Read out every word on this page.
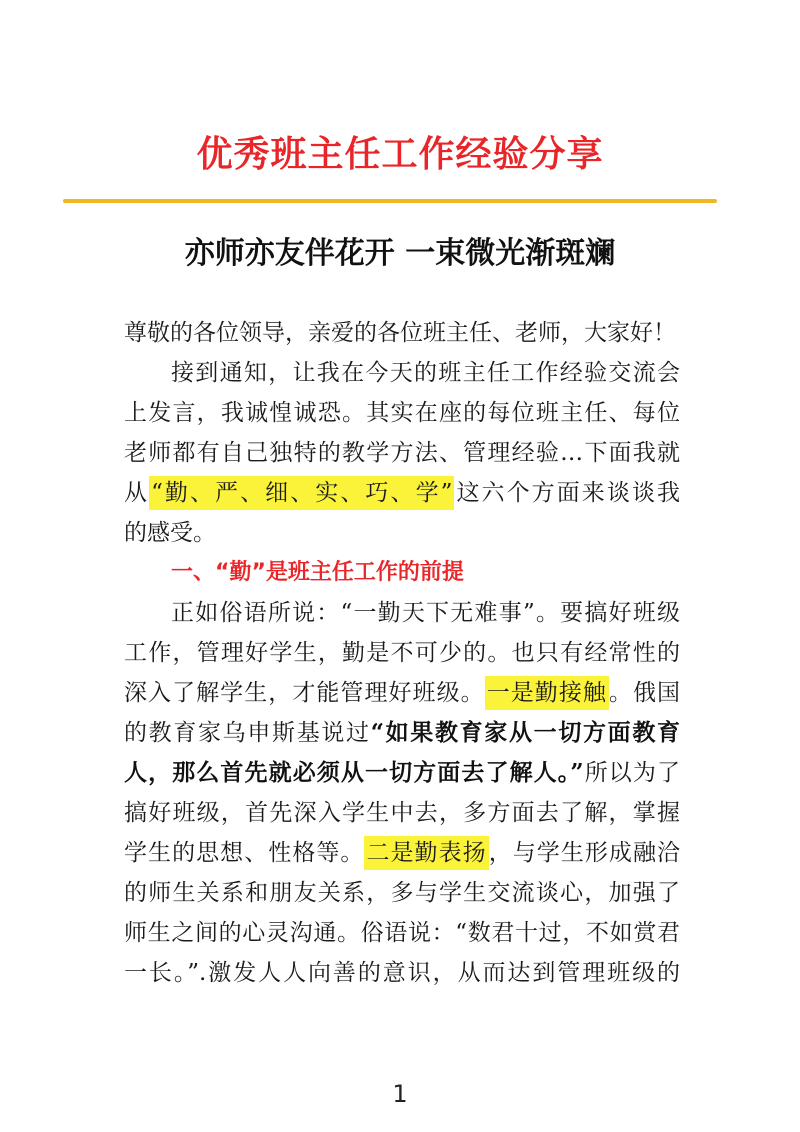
优秀班主任工作经验分享
亦师亦友伴花开 一束微光渐斑斓
尊敬的各位领导，亲爱的各位班主任、老师，大家好！
接到通知，让我在今天的班主任工作经验交流会
上发言，我诚惶诚恐。其实在座的每位班主任、每位
老师都有自己独特的教学方法、管理经验…下面我就
从“勤、严、细、实、巧、学”这六个方面来谈谈我
的感受。
一、“勤”是班主任工作的前提
正如俗语所说：“一勤天下无难事”。要搞好班级
工作，管理好学生，勤是不可少的。也只有经常性的
深入了解学生，才能管理好班级。一是勤接触。俄国
的教育家乌申斯基说过“如果教育家从一切方面教育
人，那么首先就必须从一切方面去了解人。”所以为了
搞好班级，首先深入学生中去，多方面去了解，掌握
学生的思想、性格等。二是勤表扬，与学生形成融洽
的师生关系和朋友关系，多与学生交流谈心，加强了
师生之间的心灵沟通。俗语说：“数君十过，不如赏君
一长。”.激发人人向善的意识，从而达到管理班级的
1
